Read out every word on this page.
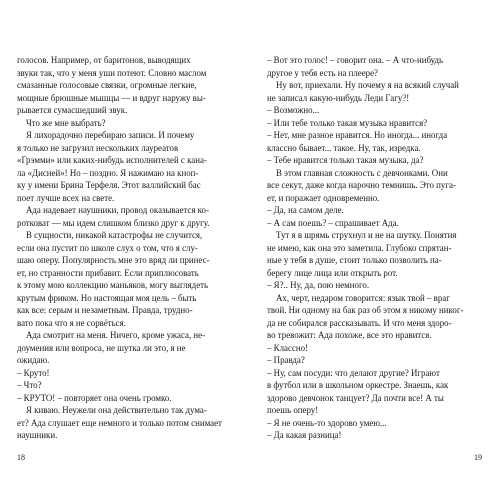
голосов. Например, от баритонов, выводящих

звуки так, что у меня уши потеют. Словно маслом

смазанные голосовые связки, огромные легкие,

мощные брюшные мышцы — и вдруг наружу вы-

рывается сумасшедший звук.

Что же мне выбрать?

Я лихорадочно перебираю записи. И почему

я только не загрузил нескольких лауреатов

«Грэмми» или каких-нибудь исполнителей с кана-

ла «Дисней»! Но – поздно. Я нажимаю на кноп-

ку у имени Брина Терфеля. Этот валлийский бас

поет лучше всех на свете.

Ада надевает наушники, провод оказывается ко-

ротковат — мы идем слишком близко друг к другу.

В сущности, никакой катастрофы не случится,

если она пустит по школе слух о том, что я слу-

шаю оперу. Популярность мне это вряд ли принес-

ет, но странности прибавит. Если приплюсовать

к этому мою коллекцию маньяков, могу выглядеть

крутым фриком. Но настоящая моя цель – быть

как все: серым и незаметным. Правда, трудно-

вато пока что я не сорвёться.

Ада смотрит на меня. Ничего, кроме ужаса, не-

доумения или вопроса, не шутка ли это, я не

ожидаю.

– Круто!

– Что?

– КРУТО! – повторяет она очень громко.

Я киваю. Неужели она действительно так дума-

ет? Ада слушает еще немного и только потом снимает

наушники.

18

– Вот это голос! – говорит она. – А что-нибудь

другое у тебя есть на плеере?

Ну вот, приехали. Ну почему я на всякий случай

не записал какую-нибудь Леди Гагу?!

– Возможно...

– Или тебе только такая музыка нравится?

– Нет, мне разное нравится. Но иногда... иногда

классно бывает... такое. Ну, так, изредка.

– Тебе нравится только такая музыка, да?

В этом главная сложность с девчонками. Они

все секут, даже когда нарочно темнишь. Это пуга-

ет, и поражает одновременно.

– Да, на самом деле.

– А сам поешь? – спрашивает Ада.

Тут я в шрямь струхнул и не на шутку. Понятия

не имею, как она это заметила. Глубоко спрятан-

ные у тебя в душе, стоит только позволить па-

берегу лице лица или открыть рот.

– Я?.. Ну, да, пою немного.

Ах, черт, недаром говорится: язык твой – враг

твой. Ни одному на бак раз об этом я никому никог-

да не собирался рассказывать. И что меня здоро-

во тревожит: Ада похоже, все это нравится.

– Классно!

– Правда?

– Ну, сам посуди: что делают другие? Играют

в футбол или в школьном оркестре. Знаешь, как

здорово девчонок танцует? Да почти все! А ты

поешь оперу!

– Я не очень-то здорово умею...

– Да какая разница!

19
